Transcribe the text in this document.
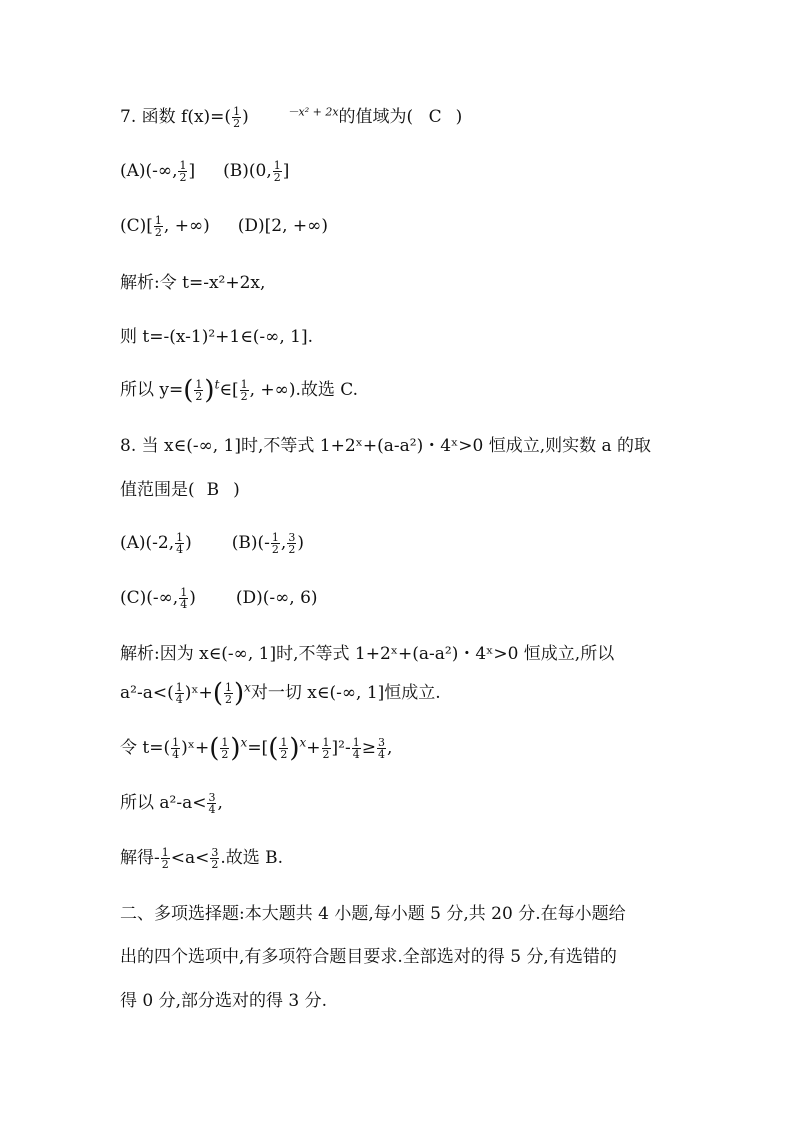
7. 函数 $f(x)=( \frac{1}{2}$ )	$^{-x^2 + 2x}$的值域为( C )
(A)(-∞, $\frac{1}{2}$ ] (B)(0, $\frac{1}{2}$ ]
$(C)[ \frac{1}{2}$ , +∞) (D)[2, +∞)
解析:令 t=-x²+2x,
则 t=-(x-1)²+1∈(-∞, 1].
所以 $y=( \frac{1}{2}$ )$^t\in[ \frac{1}{2}$ , +∞).故选 C.
8. 当 x∈(-∞, 1]时,不等式 1+2ˣ+(a-a²)・4ˣ>0 恒成立,则实数 a 的取
值范围是( B )
(A)(-2, $\frac{1}{4}$ ) $(B)(- \frac{1}{2}$ , $\frac{3}{2}$ )
(C)(-∞, $\frac{1}{4}$ ) (D)(-∞, 6)
解析:因为 x∈(-∞, 1]时,不等式 1+2ˣ+(a-a²)・4ˣ>0 恒成立,所以
$a^2-a<( \frac{1}{4}$ )ˣ+( $\frac{1}{2} )^x$对一切 x∈(-∞, 1]恒成立.
令 $t=( \frac{1}{4}$ )ˣ+( $\frac{1}{2} )^x=[( \frac{1}{2} )^x+ \frac{1}{2} ]^2- \frac{1}{4} \ge \frac{3}{4}$ ,
所以 $a^2-a< \frac{3}{4}$ ,
解得- $\frac{1}{2} <a< \frac{3}{2}$ .故选 B.
二、多项选择题:本大题共 4 小题,每小题 5 分,共 20 分.在每小题给
出的四个选项中,有多项符合题目要求.全部选对的得 5 分,有选错的
得 0 分,部分选对的得 3 分.
